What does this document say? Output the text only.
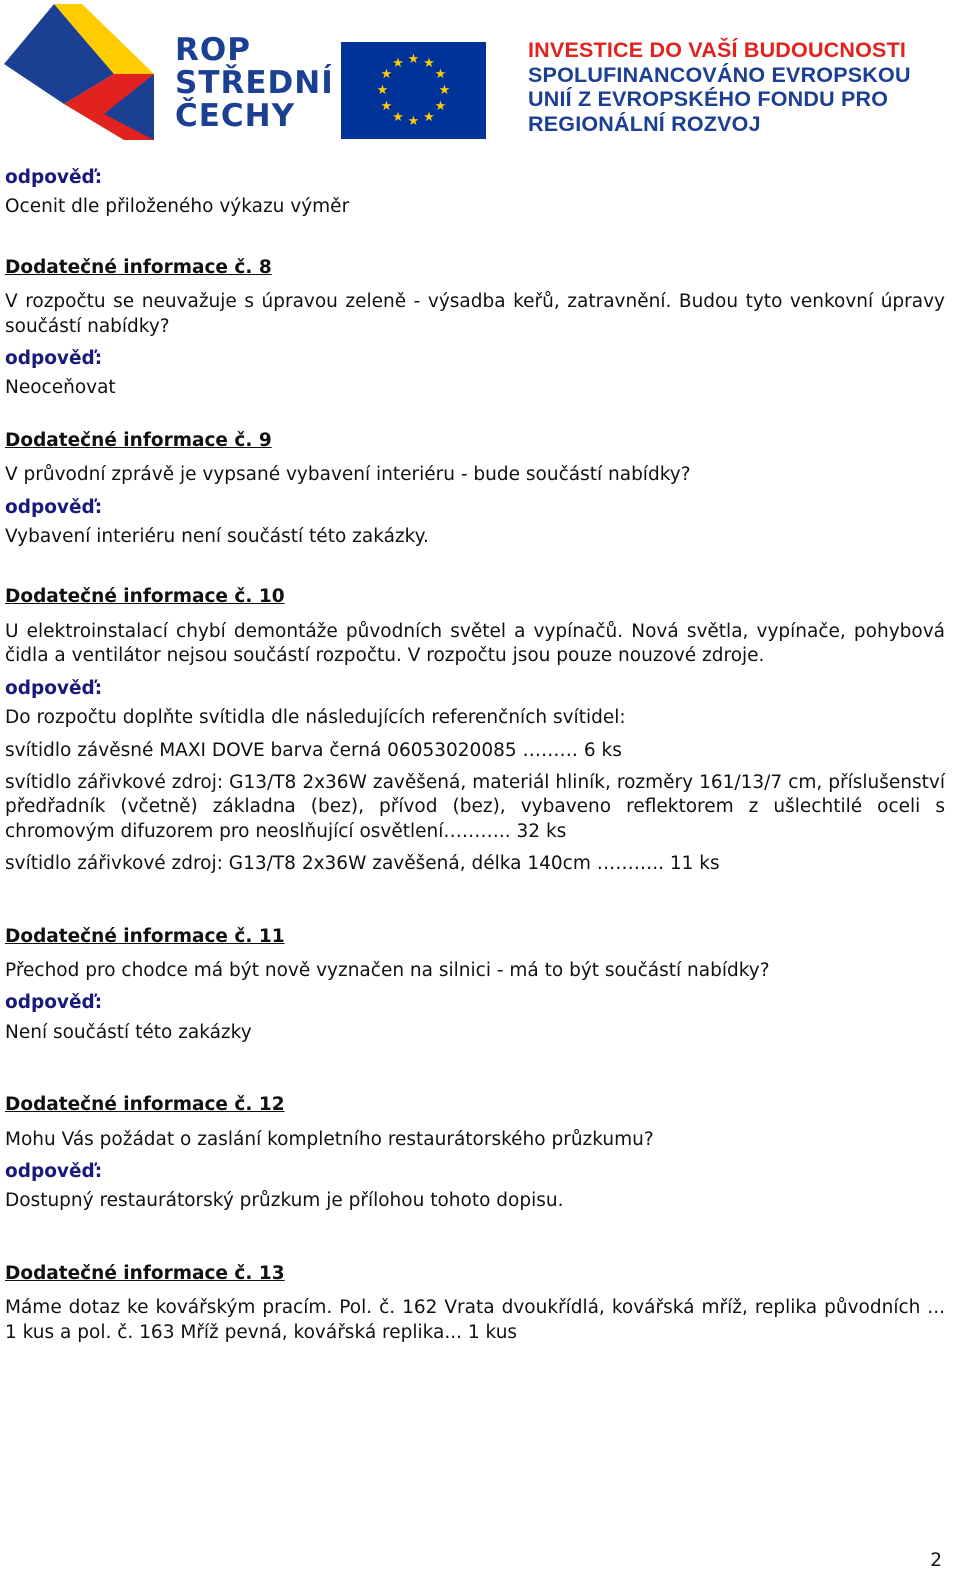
ROP
STŘEDNÍ
ČECHY
★ ★
★
★
★
★
★
★
★
★
★
★
INVESTICE DO VAŠÍ BUDOUCNOSTI
SPOLUFINANCOVÁNO EVROPSKOU
UNIÍ Z EVROPSKÉHO FONDU PRO
REGIONÁLNÍ ROZVOJ
odpověď:
Ocenit dle přiloženého výkazu výměr
Dodatečné informace č. 8
V rozpočtu se neuvažuje s úpravou zeleně - výsadba keřů, zatravnění. Budou tyto venkovní úpravy součástí nabídky?
odpověď:
Neoceňovat
Dodatečné informace č. 9
V průvodní zprávě je vypsané vybavení interiéru - bude součástí nabídky?
odpověď:
Vybavení interiéru není součástí této zakázky.
Dodatečné informace č. 10
U elektroinstalací chybí demontáže původních světel a vypínačů. Nová světla, vypínače, pohybová čidla a ventilátor nejsou součástí rozpočtu. V rozpočtu jsou pouze nouzové zdroje.
odpověď:
Do rozpočtu doplňte svítidla dle následujících referenčních svítidel:
svítidlo závěsné MAXI DOVE barva černá 06053020085 ……… 6 ks
svítidlo zářivkové zdroj: G13/T8 2x36W zavěšená, materiál hliník, rozměry 161/13/7 cm, příslušenství předřadník (včetně) základna (bez), přívod (bez), vybaveno reflektorem z ušlechtilé oceli s chromovým difuzorem pro neoslňující osvětlení……….. 32 ks
svítidlo zářivkové zdroj: G13/T8 2x36W zavěšená, délka 140cm ……….. 11 ks
Dodatečné informace č. 11
Přechod pro chodce má být nově vyznačen na silnici - má to být součástí nabídky?
odpověď:
Není součástí této zakázky
Dodatečné informace č. 12
Mohu Vás požádat o zaslání kompletního restaurátorského průzkumu?
odpověď:
Dostupný restaurátorský průzkum je přílohou tohoto dopisu.
Dodatečné informace č. 13
Máme dotaz ke kovářským pracím. Pol. č. 162 Vrata dvoukřídlá, kovářská mříž, replika původních ... 1 kus a pol. č. 163 Mříž pevná, kovářská replika... 1 kus
2
